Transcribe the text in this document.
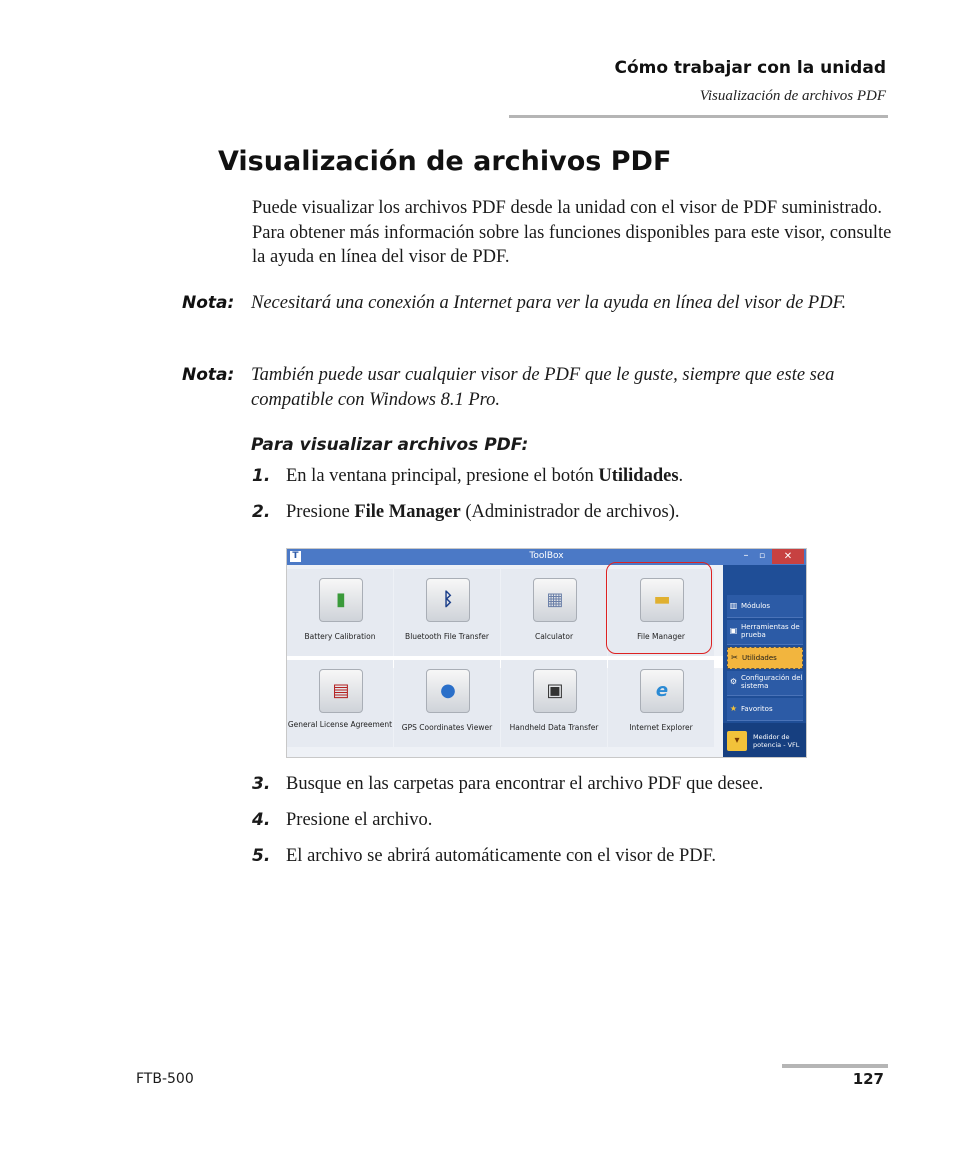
Cómo trabajar con la unidad
Visualización de archivos PDF
Visualización de archivos PDF
Puede visualizar los archivos PDF desde la unidad con el visor de PDF suministrado. Para obtener más información sobre las funciones disponibles para este visor, consulte la ayuda en línea del visor de PDF.
Nota: Necesitará una conexión a Internet para ver la ayuda en línea del visor de PDF.
Nota: También puede usar cualquier visor de PDF que le guste, siempre que este sea compatible con Windows 8.1 Pro.
Para visualizar archivos PDF:
1. En la ventana principal, presione el botón Utilidades.
2. Presione File Manager (Administrador de archivos).
T	ToolBox	–	▫	✕
▮
Battery Calibration
ᛒ
Bluetooth File Transfer
▦
Calculator
▬
File Manager
▤
General License Agreement
●
GPS Coordinates Viewer
▣
Handheld Data Transfer
e
Internet Explorer
▥ Módulos
▣ Herramientas de prueba
✂ Utilidades
⚙ Configuración del sistema
★ Favoritos
▾	Medidor de potencia - VFL
3. Busque en las carpetas para encontrar el archivo PDF que desee.
4. Presione el archivo.
5. El archivo se abrirá automáticamente con el visor de PDF.
FTB-500	127
